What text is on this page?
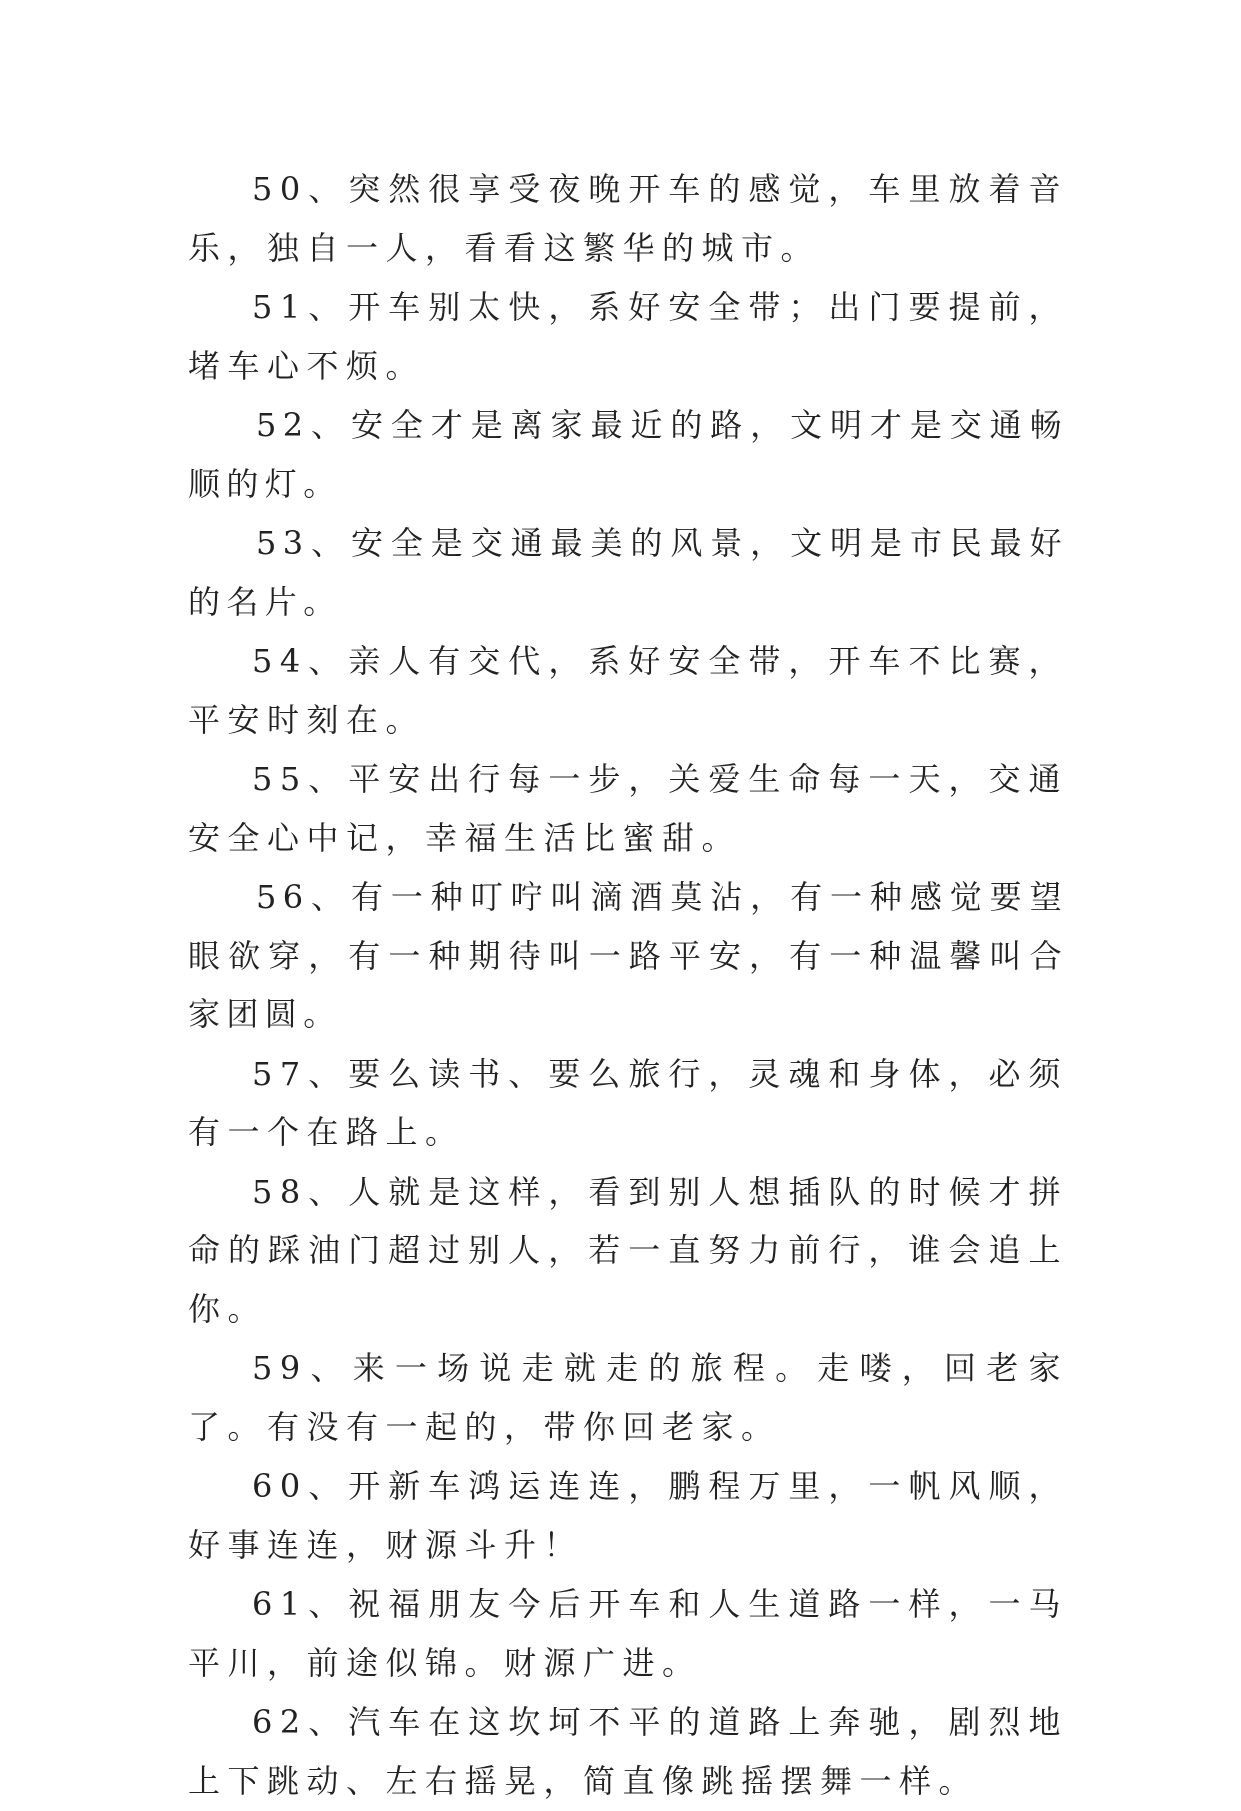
50、突然很享受夜晚开车的感觉，车里放着音乐，独自一人，看看这繁华的城市。

51、开车别太快，系好安全带；出门要提前，堵车心不烦。

52、安全才是离家最近的路，文明才是交通畅顺的灯。

53、安全是交通最美的风景，文明是市民最好的名片。

54、亲人有交代，系好安全带，开车不比赛，平安时刻在。

55、平安出行每一步，关爱生命每一天，交通安全心中记，幸福生活比蜜甜。

56、有一种叮咛叫滴酒莫沾，有一种感觉要望眼欲穿，有一种期待叫一路平安，有一种温馨叫合家团圆。

57、要么读书、要么旅行，灵魂和身体，必须有一个在路上。

58、人就是这样，看到别人想插队的时候才拼命的踩油门超过别人，若一直努力前行，谁会追上你。

59、来一场说走就走的旅程。走喽，回老家了。有没有一起的，带你回老家。

60、开新车鸿运连连，鹏程万里，一帆风顺，好事连连，财源斗升！

61、祝福朋友今后开车和人生道路一样，一马平川，前途似锦。财源广进。

62、汽车在这坎坷不平的道路上奔驰，剧烈地上下跳动、左右摇晃，简直像跳摇摆舞一样。
